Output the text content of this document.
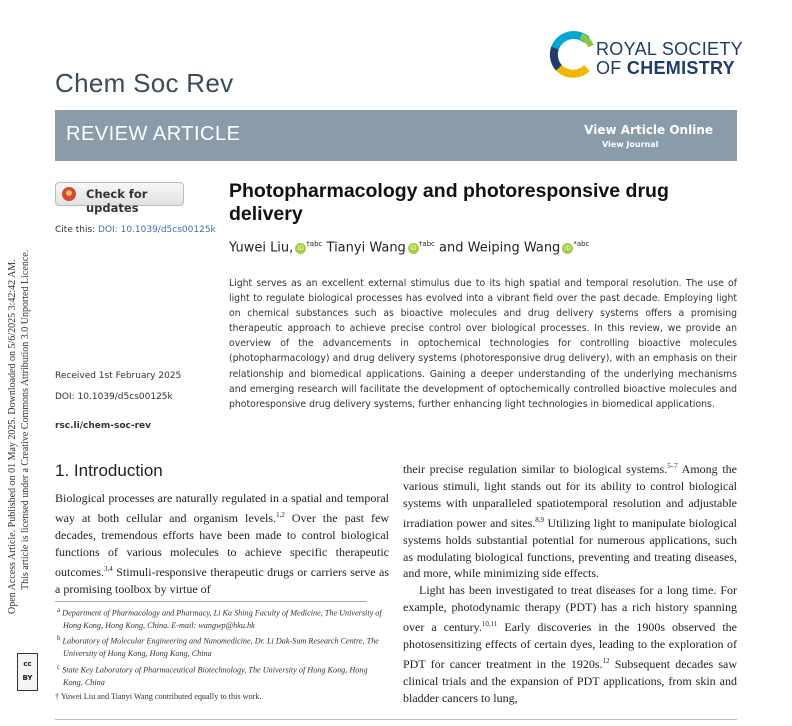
Open Access Article. Published on 01 May 2025. Downloaded on 5/6/2025 3:42:42 AM. This article is licensed under a Creative Commons Attribution 3.0 Unported Licence.
cc
BY
ROYAL SOCIETY
OF CHEMISTRY
Chem Soc Rev
REVIEW ARTICLE	View Article Online
View Journal
Check for updates
Cite this: DOI: 10.1039/d5cs00125k
Received 1st February 2025
DOI: 10.1039/d5cs00125k
rsc.li/chem-soc-rev
Photopharmacology and photoresponsive drug delivery
Yuwei Liu, $iD^{\dagger abc}$ Tianyi Wang $iD^{\dagger abc}$ and Weiping Wang $iD^{*abc}$
Light serves as an excellent external stimulus due to its high spatial and temporal resolution. The use of light to regulate biological processes has evolved into a vibrant field over the past decade. Employing light on chemical substances such as bioactive molecules and drug delivery systems offers a promising therapeutic approach to achieve precise control over biological processes. In this review, we provide an overview of the advancements in optochemical technologies for controlling bioactive molecules (photopharmacology) and drug delivery systems (photoresponsive drug delivery), with an emphasis on their relationship and biomedical applications. Gaining a deeper understanding of the underlying mechanisms and emerging research will facilitate the development of optochemically controlled bioactive molecules and photoresponsive drug delivery systems, further enhancing light technologies in biomedical applications.
1. Introduction

Biological processes are naturally regulated in a spatial and temporal way at both cellular and organism levels.$^{1,2}$ Over the past few decades, tremendous efforts have been made to control biological functions of various molecules to achieve specific therapeutic outcomes.$^{3,4}$ Stimuli-responsive therapeutic drugs or carriers serve as a promising toolbox by virtue of

their precise regulation similar to biological systems.$^{5-7}$ Among the various stimuli, light stands out for its ability to control biological systems with unparalleled spatiotemporal resolution and adjustable irradiation power and sites.$^{8,9}$ Utilizing light to manipulate biological systems holds substantial potential for numerous applications, such as modulating biological functions, preventing and treating diseases, and more, while minimizing side effects.

Light has been investigated to treat diseases for a long time. For example, photodynamic therapy (PDT) has a rich history spanning over a century.$^{10,11}$ Early discoveries in the 1900s observed the photosensitizing effects of certain dyes, leading to the exploration of PDT for cancer treatment in the 1920s.$^{12}$ Subsequent decades saw clinical trials and the expansion of PDT applications, from skin and bladder cancers to lung,

$^a$ Department of Pharmacology and Pharmacy, Li Ka Shing Faculty of Medicine, The University of Hong Kong, Hong Kong, China. E-mail: wangwp@hku.hk
$^b$ Laboratory of Molecular Engineering and Nanomedicine, Dr. Li Dak-Sum Research Centre, The University of Hong Kong, Hong Kong, China
$^c$ State Key Laboratory of Pharmaceutical Biotechnology, The University of Hong Kong, Hong Kong, China
† Yuwei Liu and Tianyi Wang contributed equally to this work.
